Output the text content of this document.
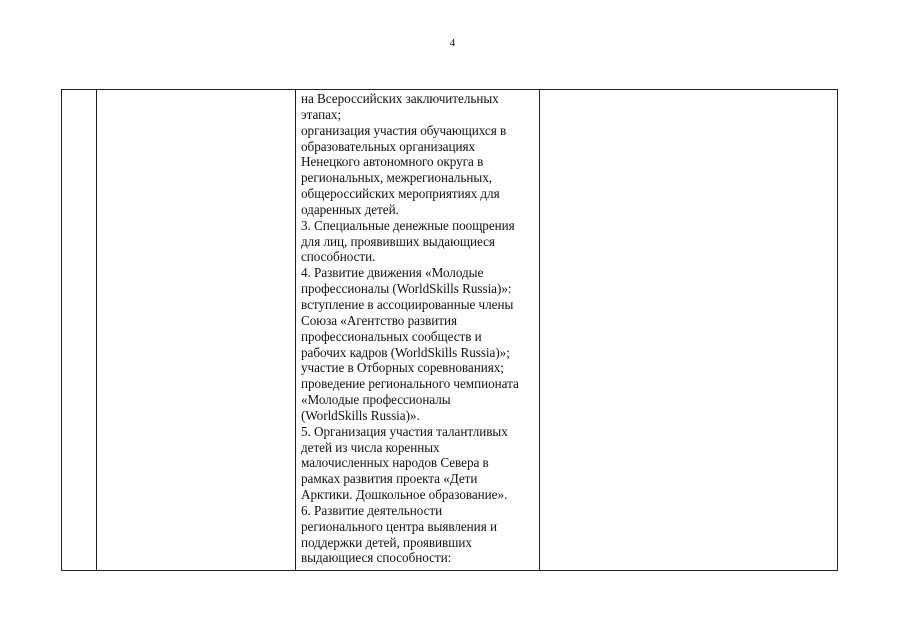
4

на Всероссийских заключительных
этапах;
организация участия обучающихся в
образовательных организациях
Ненецкого автономного округа в
региональных, межрегиональных,
общероссийских мероприятиях для
одаренных детей.
3. Специальные денежные поощрения
для лиц, проявивших выдающиеся
способности.
4. Развитие движения «Молодые
профессионалы (WorldSkills Russia)»:
вступление в ассоциированные члены
Союза «Агентство развития
профессиональных сообществ и
рабочих кадров (WorldSkills Russia)»;
участие в Отборных соревнованиях;
проведение регионального чемпионата
«Молодые профессионалы
(WorldSkills Russia)».
5. Организация участия талантливых
детей из числа коренных
малочисленных народов Севера в
рамках развития проекта «Дети
Арктики. Дошкольное образование».
6. Развитие деятельности
регионального центра выявления и
поддержки детей, проявивших
выдающиеся способности:
